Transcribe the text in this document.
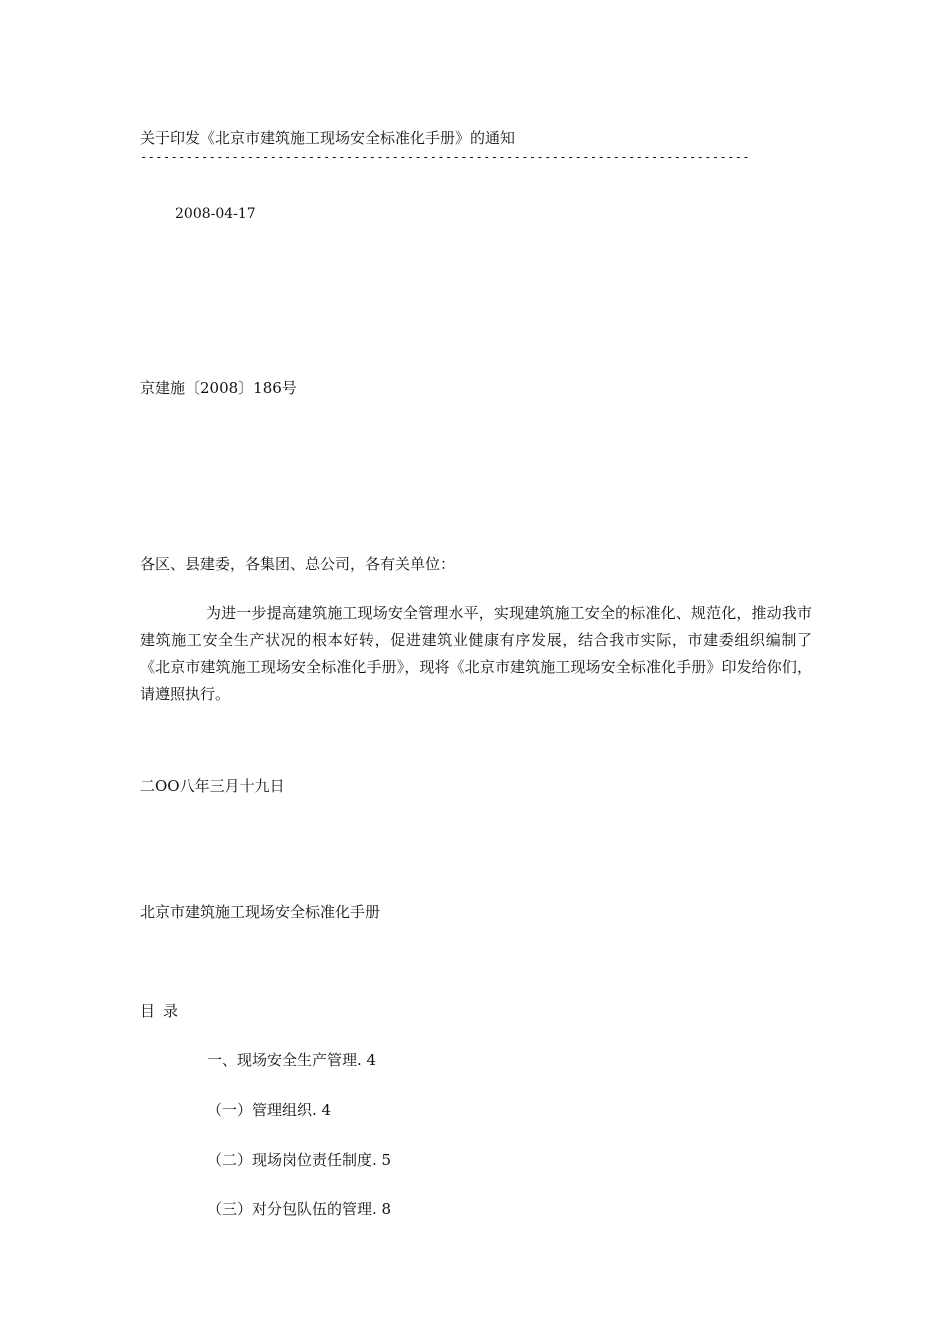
关于印发《北京市建筑施工现场安全标准化手册》的通知
--------------------------------------------------------------------------------
2008-04-17
京建施〔2008〕186号
各区、县建委，各集团、总公司，各有关单位：
为进一步提高建筑施工现场安全管理水平，实现建筑施工安全的标准化、规范化，推动我市建筑施工安全生产状况的根本好转，促进建筑业健康有序发展，结合我市实际，市建委组织编制了《北京市建筑施工现场安全标准化手册》，现将《北京市建筑施工现场安全标准化手册》印发给你们，请遵照执行。
二OO八年三月十九日
北京市建筑施工现场安全标准化手册
目录
一、现场安全生产管理. 4
（一）管理组织. 4
（二）现场岗位责任制度. 5
（三）对分包队伍的管理. 8
